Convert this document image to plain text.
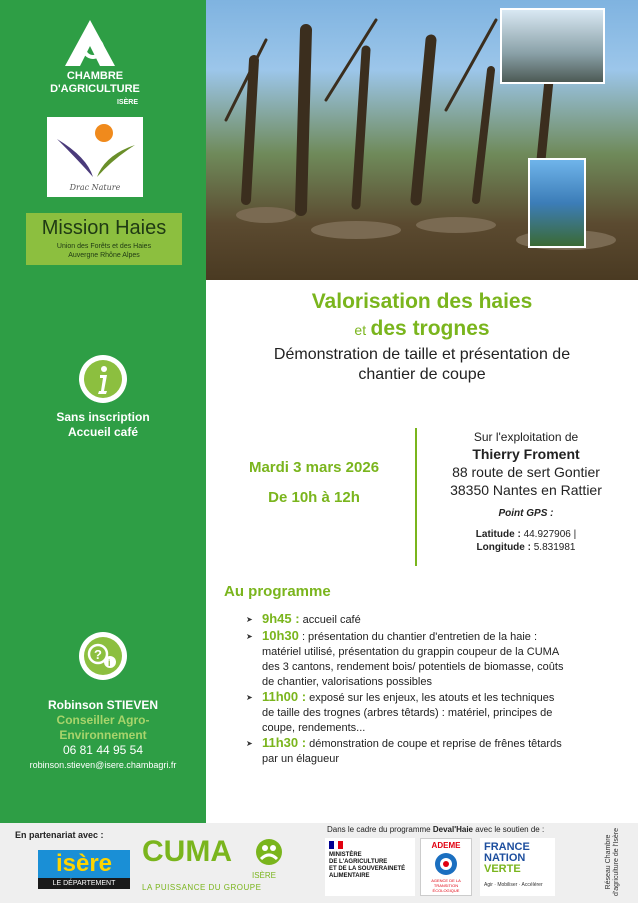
CHAMBRE
D'AGRICULTURE
ISÈRE
Drac Nature
Mission Haies
Union des Forêts et des Haies
Auvergne Rhône Alpes
Sans inscription
Accueil café
?
i
Robinson STIEVEN
Conseiller Agro-
Environnement
06 81 44 95 54
robinson.stieven@isere.chambagri.fr
Valorisation des haies
et des trognes
Démonstration de taille et présentation de
chantier de coupe
Mardi 3 mars 2026
De 10h à 12h
Sur l'exploitation de
Thierry Froment
88 route de sert Gontier
38350 Nantes en Rattier
Point GPS :
Latitude : 44.927906 |
Longitude : 5.831981
Au programme
➤ 9h45 : accueil café
➤ 10h30 : présentation du chantier d'entretien de la haie :
matériel utilisé, présentation du grappin coupeur de la CUMA
des 3 cantons, rendement bois/ potentiels de biomasse, coûts
de chantier, valorisations possibles
➤ 11h00 : exposé sur les enjeux, les atouts et les techniques
de taille des trognes (arbres têtards) : matériel, principes de
coupe, rendements...
➤ 11h30 : démonstration de coupe et reprise de frênes têtards
par un élagueur
En partenariat avec :
isère
LE DÉPARTEMENT
CUMA
ISÈRE
LA PUISSANCE DU GROUPE
Dans le cadre du programme Deval'Haie avec le soutien de :
MINISTÈRE
DE L'AGRICULTURE
ET DE LA SOUVERAINETÉ
ALIMENTAIRE
ADEME
AGENCE DE LA TRANSITION ÉCOLOGIQUE
FRANCE
NATION
VERTE
Agir · Mobiliser · Accélérer	Réseau Chambre d'agriculture de l'Isère
